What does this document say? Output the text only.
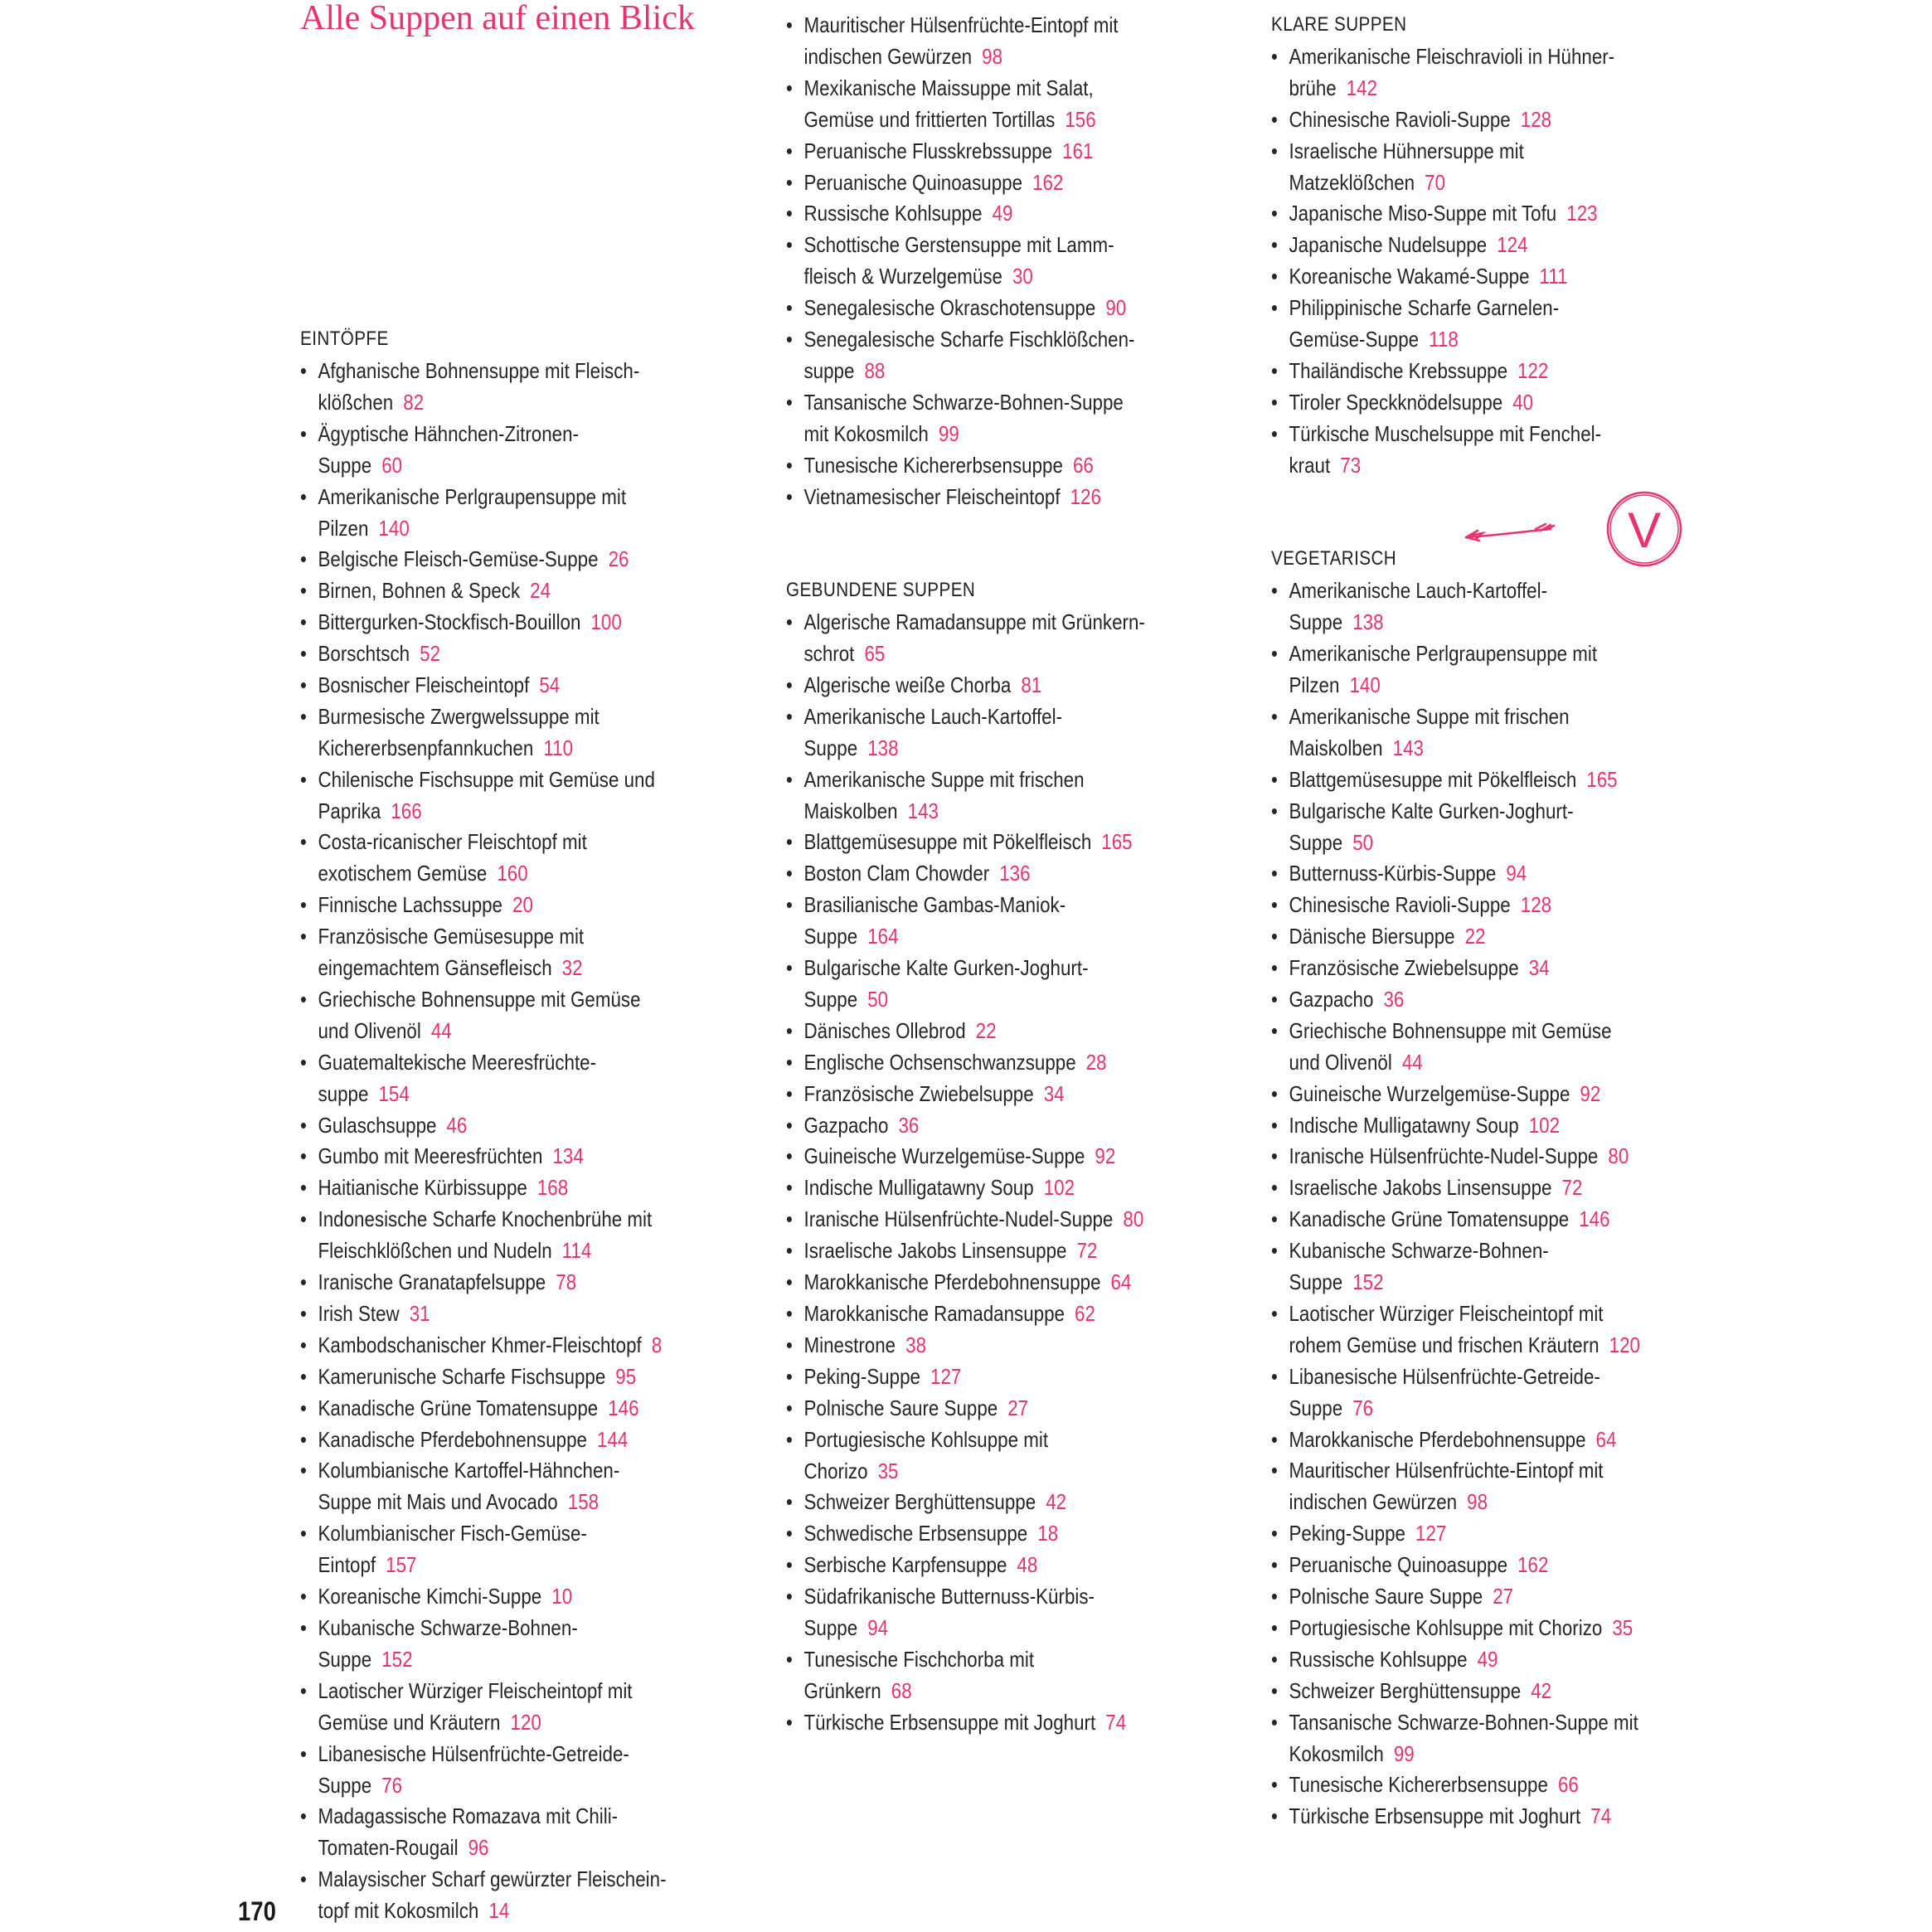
Alle Suppen auf einen Blick
EINTÖPFE
• Afghanische Bohnensuppe mit Fleisch-
klößchen 82
• Ägyptische Hähnchen-Zitronen-
Suppe 60
• Amerikanische Perlgraupensuppe mit
Pilzen 140
• Belgische Fleisch-Gemüse-Suppe 26
• Birnen, Bohnen & Speck 24
• Bittergurken-Stockfisch-Bouillon 100
• Borschtsch 52
• Bosnischer Fleischeintopf 54
• Burmesische Zwergwelssuppe mit
Kichererbsenpfannkuchen 110
• Chilenische Fischsuppe mit Gemüse und
Paprika 166
• Costa-ricanischer Fleischtopf mit
exotischem Gemüse 160
• Finnische Lachssuppe 20
• Französische Gemüsesuppe mit
eingemachtem Gänsefleisch 32
• Griechische Bohnensuppe mit Gemüse
und Olivenöl 44
• Guatemaltekische Meeresfrüchte-
suppe 154
• Gulaschsuppe 46
• Gumbo mit Meeresfrüchten 134
• Haitianische Kürbissuppe 168
• Indonesische Scharfe Knochenbrühe mit
Fleischklößchen und Nudeln 114
• Iranische Granatapfelsuppe 78
• Irish Stew 31
• Kambodschanischer Khmer-Fleischtopf 8
• Kamerunische Scharfe Fischsuppe 95
• Kanadische Grüne Tomatensuppe 146
• Kanadische Pferdebohnensuppe 144
• Kolumbianische Kartoffel-Hähnchen-
Suppe mit Mais und Avocado 158
• Kolumbianischer Fisch-Gemüse-
Eintopf 157
• Koreanische Kimchi-Suppe 10
• Kubanische Schwarze-Bohnen-
Suppe 152
• Laotischer Würziger Fleischeintopf mit
Gemüse und Kräutern 120
• Libanesische Hülsenfrüchte-Getreide-
Suppe 76
• Madagassische Romazava mit Chili-
Tomaten-Rougail 96
• Malaysischer Scharf gewürzter Fleischein-
topf mit Kokosmilch 14
• Mauritischer Hülsenfrüchte-Eintopf mit
indischen Gewürzen 98
• Mexikanische Maissuppe mit Salat,
Gemüse und frittierten Tortillas 156
• Peruanische Flusskrebssuppe 161
• Peruanische Quinoasuppe 162
• Russische Kohlsuppe 49
• Schottische Gerstensuppe mit Lamm-
fleisch & Wurzelgemüse 30
• Senegalesische Okraschotensuppe 90
• Senegalesische Scharfe Fischklößchen-
suppe 88
• Tansanische Schwarze-Bohnen-Suppe
mit Kokosmilch 99
• Tunesische Kichererbsensuppe 66
• Vietnamesischer Fleischeintopf 126
GEBUNDENE SUPPEN
• Algerische Ramadansuppe mit Grünkern-
schrot 65
• Algerische weiße Chorba 81
• Amerikanische Lauch-Kartoffel-
Suppe 138
• Amerikanische Suppe mit frischen
Maiskolben 143
• Blattgemüsesuppe mit Pökelfleisch 165
• Boston Clam Chowder 136
• Brasilianische Gambas-Maniok-
Suppe 164
• Bulgarische Kalte Gurken-Joghurt-
Suppe 50
• Dänisches Ollebrod 22
• Englische Ochsenschwanzsuppe 28
• Französische Zwiebelsuppe 34
• Gazpacho 36
• Guineische Wurzelgemüse-Suppe 92
• Indische Mulligatawny Soup 102
• Iranische Hülsenfrüchte-Nudel-Suppe 80
• Israelische Jakobs Linsensuppe 72
• Marokkanische Pferdebohnensuppe 64
• Marokkanische Ramadansuppe 62
• Minestrone 38
• Peking-Suppe 127
• Polnische Saure Suppe 27
• Portugiesische Kohlsuppe mit
Chorizo 35
• Schweizer Berghüttensuppe 42
• Schwedische Erbsensuppe 18
• Serbische Karpfensuppe 48
• Südafrikanische Butternuss-Kürbis-
Suppe 94
• Tunesische Fischchorba mit
Grünkern 68
• Türkische Erbsensuppe mit Joghurt 74
KLARE SUPPEN
• Amerikanische Fleischravioli in Hühner-
brühe 142
• Chinesische Ravioli-Suppe 128
• Israelische Hühnersuppe mit
Matzeklößchen 70
• Japanische Miso-Suppe mit Tofu 123
• Japanische Nudelsuppe 124
• Koreanische Wakamé-Suppe 111
• Philippinische Scharfe Garnelen-
Gemüse-Suppe 118
• Thailändische Krebssuppe 122
• Tiroler Speckknödelsuppe 40
• Türkische Muschelsuppe mit Fenchel-
kraut 73
VEGETARISCH
• Amerikanische Lauch-Kartoffel-
Suppe 138
• Amerikanische Perlgraupensuppe mit
Pilzen 140
• Amerikanische Suppe mit frischen
Maiskolben 143
• Blattgemüsesuppe mit Pökelfleisch 165
• Bulgarische Kalte Gurken-Joghurt-
Suppe 50
• Butternuss-Kürbis-Suppe 94
• Chinesische Ravioli-Suppe 128
• Dänische Biersuppe 22
• Französische Zwiebelsuppe 34
• Gazpacho 36
• Griechische Bohnensuppe mit Gemüse
und Olivenöl 44
• Guineische Wurzelgemüse-Suppe 92
• Indische Mulligatawny Soup 102
• Iranische Hülsenfrüchte-Nudel-Suppe 80
• Israelische Jakobs Linsensuppe 72
• Kanadische Grüne Tomatensuppe 146
• Kubanische Schwarze-Bohnen-
Suppe 152
• Laotischer Würziger Fleischeintopf mit
rohem Gemüse und frischen Kräutern 120
• Libanesische Hülsenfrüchte-Getreide-
Suppe 76
• Marokkanische Pferdebohnensuppe 64
• Mauritischer Hülsenfrüchte-Eintopf mit
indischen Gewürzen 98
• Peking-Suppe 127
• Peruanische Quinoasuppe 162
• Polnische Saure Suppe 27
• Portugiesische Kohlsuppe mit Chorizo 35
• Russische Kohlsuppe 49
• Schweizer Berghüttensuppe 42
• Tansanische Schwarze-Bohnen-Suppe mit
Kokosmilch 99
• Tunesische Kichererbsensuppe 66
• Türkische Erbsensuppe mit Joghurt 74
V
170
